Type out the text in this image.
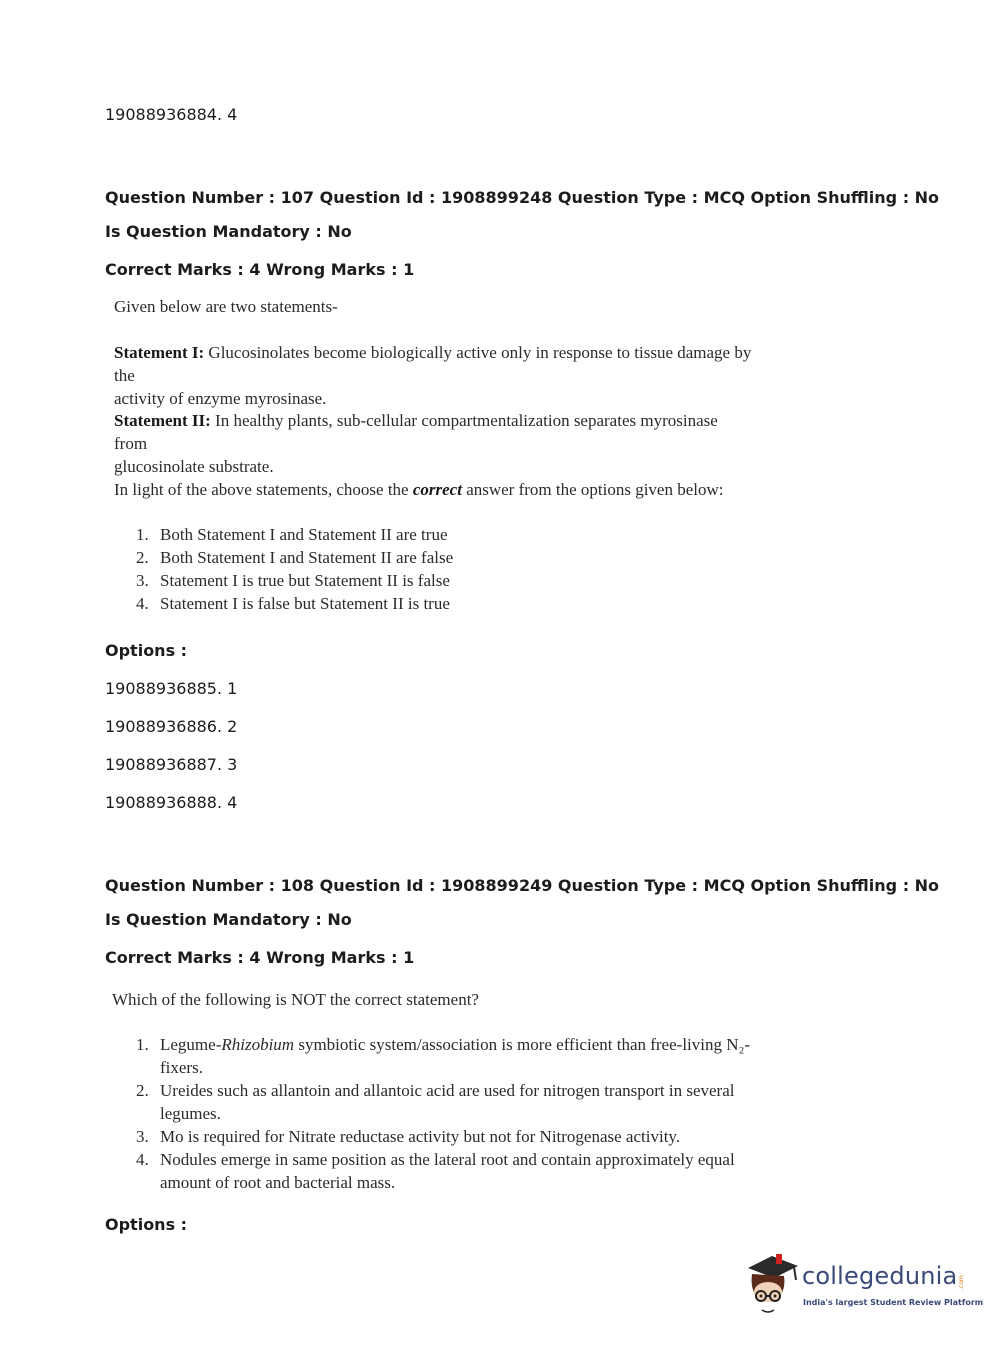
19088936884. 4
Question Number : 107 Question Id : 1908899248 Question Type : MCQ Option Shuffling : No
Is Question Mandatory : No
Correct Marks : 4 Wrong Marks : 1
Given below are two statements-
Statement I: Glucosinolates become biologically active only in response to tissue damage by the
activity of enzyme myrosinase.
Statement II: In healthy plants, sub-cellular compartmentalization separates myrosinase from
glucosinolate substrate.
In light of the above statements, choose the correct answer from the options given below:
1. Both Statement I and Statement II are true
2. Both Statement I and Statement II are false
3. Statement I is true but Statement II is false
4. Statement I is false but Statement II is true
Options :
19088936885. 1
19088936886. 2
19088936887. 3
19088936888. 4
Question Number : 108 Question Id : 1908899249 Question Type : MCQ Option Shuffling : No
Is Question Mandatory : No
Correct Marks : 4 Wrong Marks : 1
Which of the following is NOT the correct statement?
1. Legume-Rhizobium symbiotic system/association is more efficient than free-living N₂-
fixers.
2. Ureides such as allantoin and allantoic acid are used for nitrogen transport in several
legumes.
3. Mo is required for Nitrate reductase activity but not for Nitrogenase activity.
4. Nodules emerge in same position as the lateral root and contain approximately equal
amount of root and bacterial mass.
Options :
collegedunia .com
India's largest Student Review Platform
